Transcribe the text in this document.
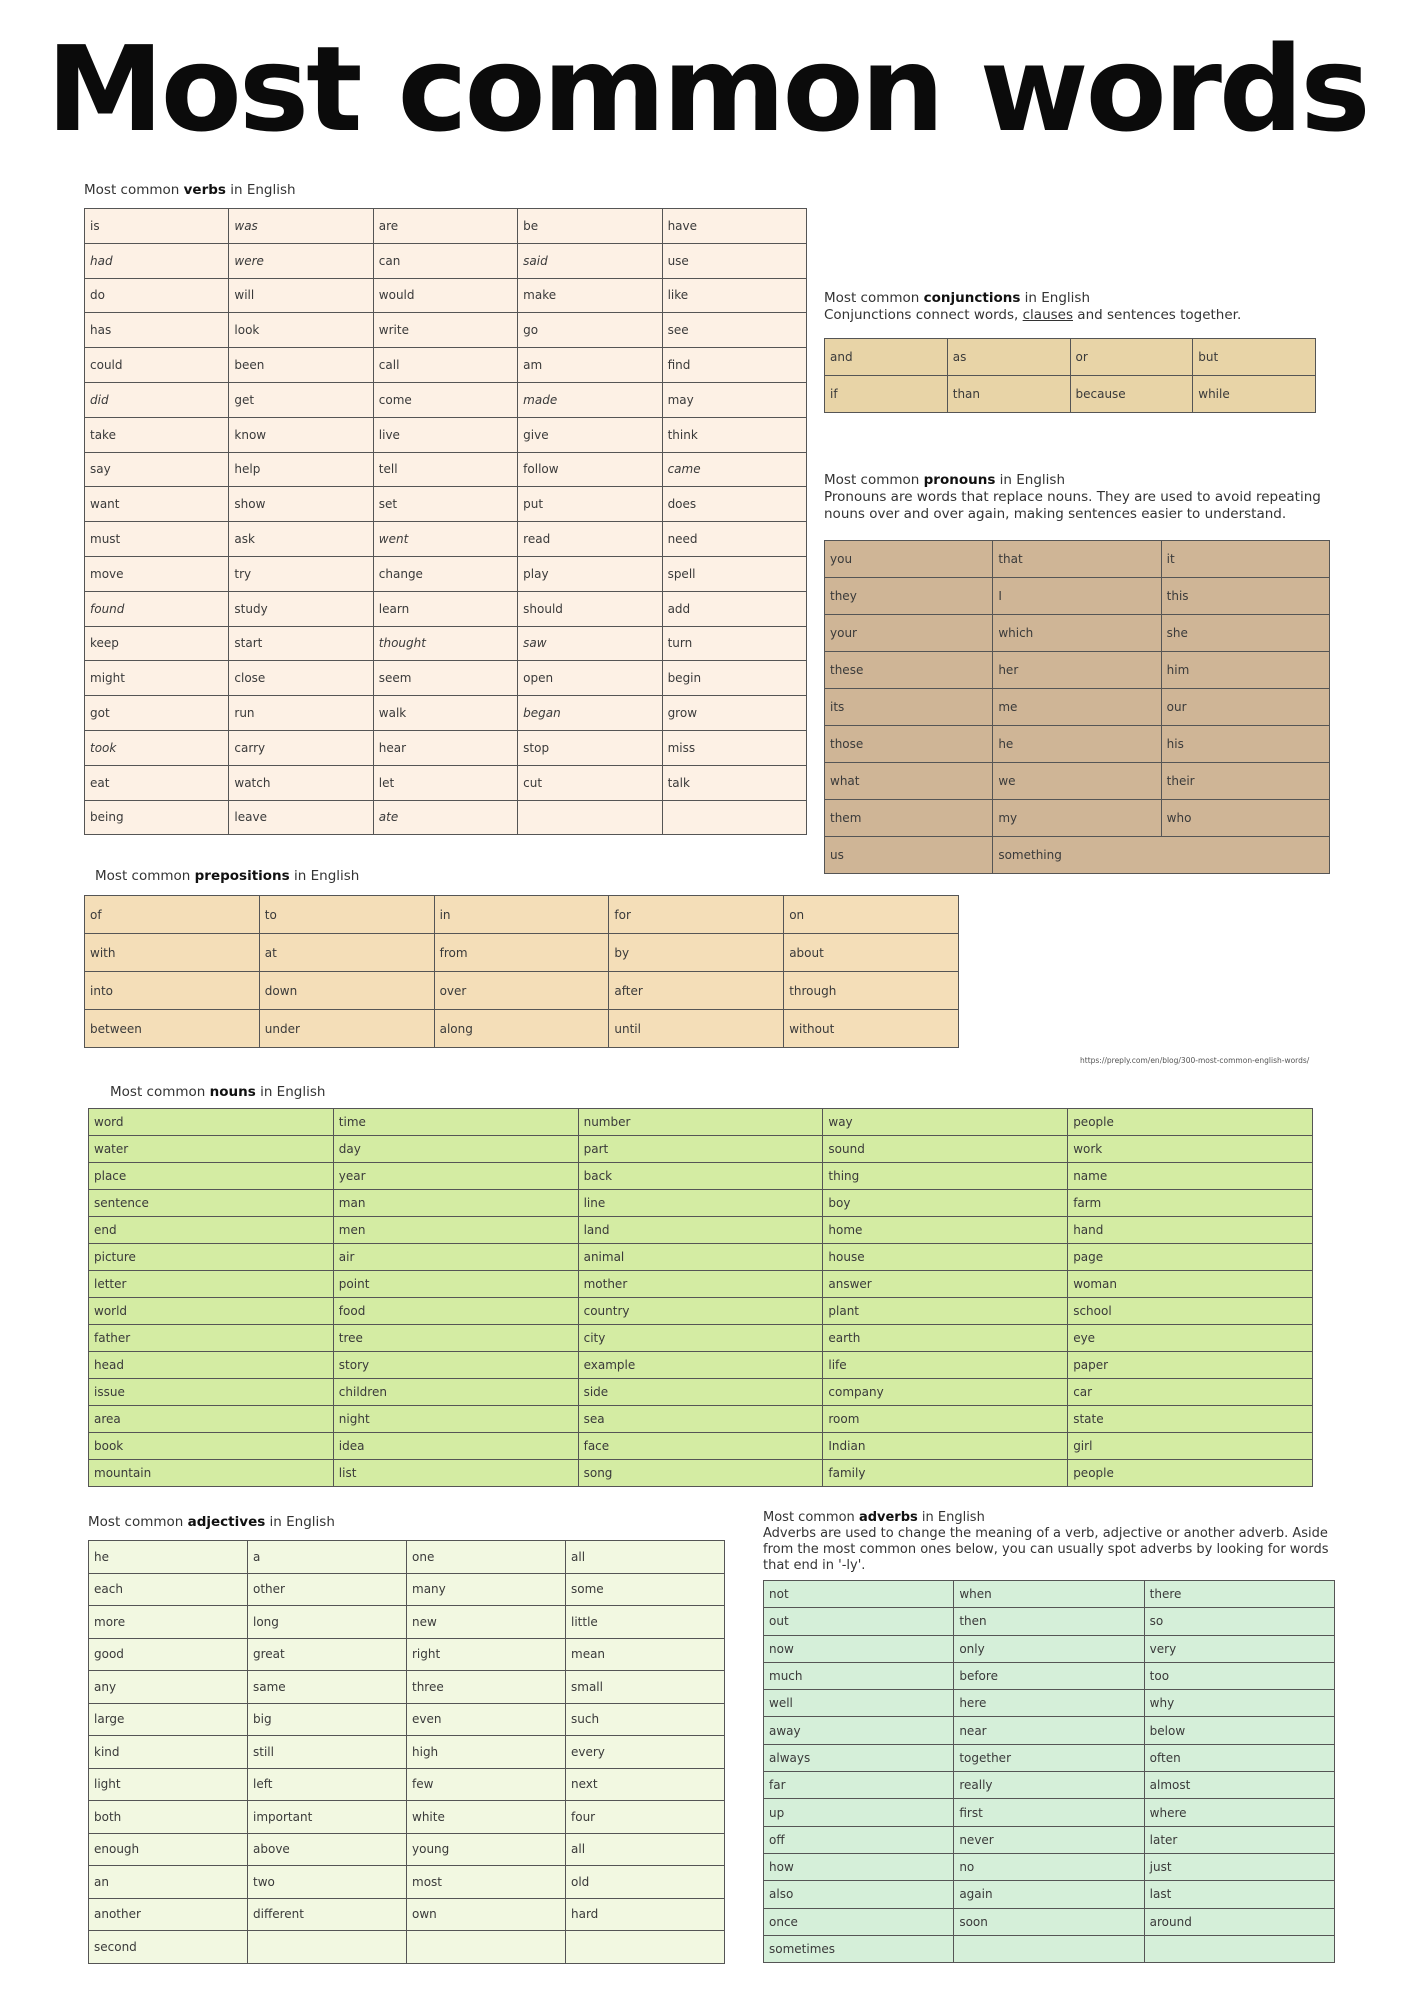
Most common words
Most common verbs in English
is	was	are	be	have
had	were	can	said	use
do	will	would	make	like
has	look	write	go	see
could	been	call	am	find
did	get	come	made	may
take	know	live	give	think
say	help	tell	follow	came
want	show	set	put	does
must	ask	went	read	need
move	try	change	play	spell
found	study	learn	should	add
keep	start	thought	saw	turn
might	close	seem	open	begin
got	run	walk	began	grow
took	carry	hear	stop	miss
eat	watch	let	cut	talk
being	leave	ate		
Most common conjunctions in English
Conjunctions connect words, clauses and sentences together.
and	as	or	but
if	than	because	while
Most common pronouns in English
Pronouns are words that replace nouns. They are used to avoid repeating nouns over and over again, making sentences easier to understand.
you	that	it
they	I	this
your	which	she
these	her	him
its	me	our
those	he	his
what	we	their
them	my	who
us	something	
Most common prepositions in English
of	to	in	for	on
with	at	from	by	about
into	down	over	after	through
between	under	along	until	without
https://preply.com/en/blog/300-most-common-english-words/
Most common nouns in English
word	time	number	way	people
water	day	part	sound	work
place	year	back	thing	name
sentence	man	line	boy	farm
end	men	land	home	hand
picture	air	animal	house	page
letter	point	mother	answer	woman
world	food	country	plant	school
father	tree	city	earth	eye
head	story	example	life	paper
issue	children	side	company	car
area	night	sea	room	state
book	idea	face	Indian	girl
mountain	list	song	family	people
Most common adjectives in English
he	a	one	all
each	other	many	some
more	long	new	little
good	great	right	mean
any	same	three	small
large	big	even	such
kind	still	high	every
light	left	few	next
both	important	white	four
enough	above	young	all
an	two	most	old
another	different	own	hard
second			
Most common adverbs in English
Adverbs are used to change the meaning of a verb, adjective or another adverb. Aside from the most common ones below, you can usually spot adverbs by looking for words that end in '-ly'.
not	when	there
out	then	so
now	only	very
much	before	too
well	here	why
away	near	below
always	together	often
far	really	almost
up	first	where
off	never	later
how	no	just
also	again	last
once	soon	around
sometimes		
